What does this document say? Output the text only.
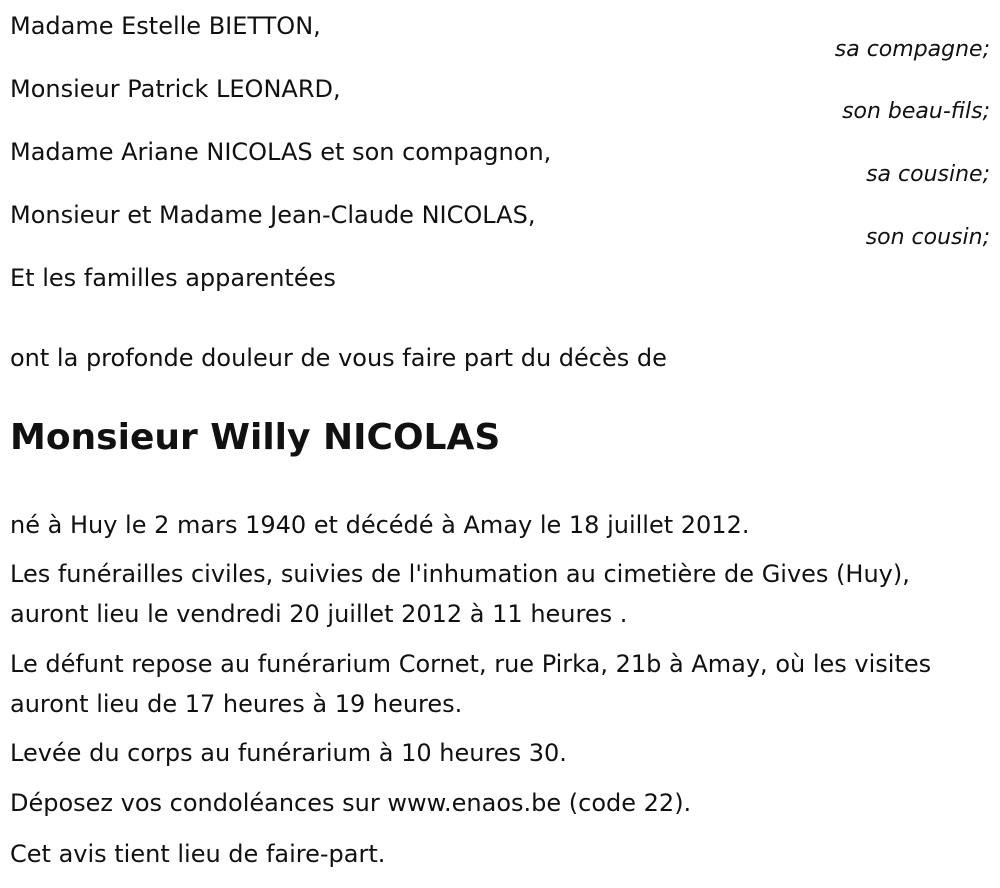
Madame Estelle BIETTON,
sa compagne;
Monsieur Patrick LEONARD,
son beau-fils;
Madame Ariane NICOLAS et son compagnon,
sa cousine;
Monsieur et Madame Jean-Claude NICOLAS,
son cousin;
Et les familles apparentées
ont la profonde douleur de vous faire part du décès de
Monsieur Willy NICOLAS

né à Huy le 2 mars 1940 et décédé à Amay le 18 juillet 2012.

Les funérailles civiles, suivies de l'inhumation au cimetière de Gives (Huy), auront lieu le vendredi 20 juillet 2012 à 11 heures .

Le défunt repose au funérarium Cornet, rue Pirka, 21b à Amay, où les visites auront lieu de 17 heures à 19 heures.

Levée du corps au funérarium à 10 heures 30.

Déposez vos condoléances sur www.enaos.be (code 22).

Cet avis tient lieu de faire-part.
